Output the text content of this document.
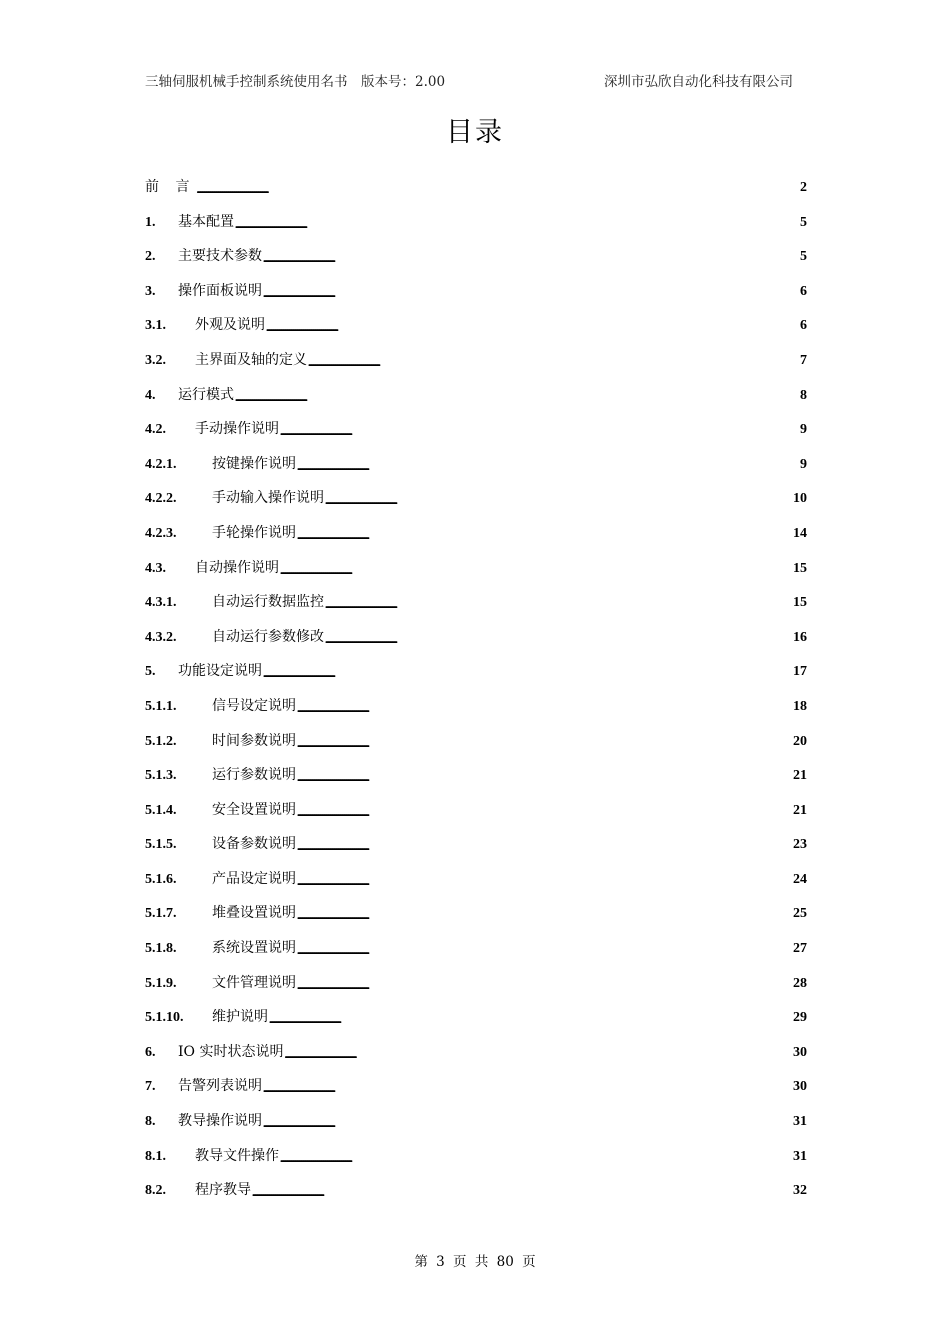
三轴伺服机械手控制系统使用名书　版本号：2.00	深圳市弘欣自动化科技有限公司
目录
前 言 . . .	2
1.	基本配置 . . .	5
2.	主要技术参数 . . .	5
3.	操作面板说明 . . .	6
3.1.	外观及说明 . . .	6
3.2.	主界面及轴的定义 . . .	7
4.	运行模式 . . .	8
4.2.	手动操作说明 . . .	9
4.2.1.	按键操作说明 . . .	9
4.2.2.	手动输入操作说明 . . .	10
4.2.3.	手轮操作说明 . . .	14
4.3.	自动操作说明 . . .	15
4.3.1.	自动运行数据监控 . . .	15
4.3.2.	自动运行参数修改 . . .	16
5.	功能设定说明 . . .	17
5.1.1.	信号设定说明 . . .	18
5.1.2.	时间参数说明 . . .	20
5.1.3.	运行参数说明 . . .	21
5.1.4.	安全设置说明 . . .	21
5.1.5.	设备参数说明 . . .	23
5.1.6.	产品设定说明 . . .	24
5.1.7.	堆叠设置说明 . . .	25
5.1.8.	系统设置说明 . . .	27
5.1.9.	文件管理说明 . . .	28
5.1.10.	维护说明 . . .	29
6.	IO 实时状态说明 . . .	30
7.	告警列表说明 . . .	30
8.	教导操作说明 . . .	31
8.1.	教导文件操作 . . .	31
8.2.	程序教导 . . .	32
第 3 页 共 80 页
